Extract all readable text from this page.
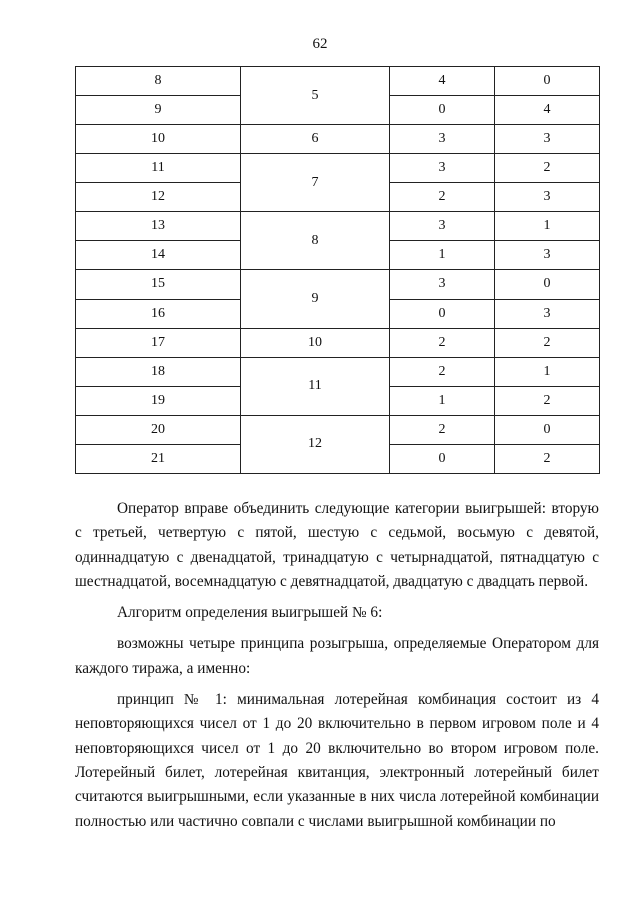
62
8	5	4	0
9		0	4
10	6	3	3
11	7	3	2
12		2	3
13	8	3	1
14		1	3
15	9	3	0
16		0	3
17	10	2	2
18	11	2	1
19		1	2
20	12	2	0
21		0	2

Оператор вправе объединить следующие категории выигрышей: вторую с третьей, четвертую с пятой, шестую с седьмой, восьмую с девятой, одиннадцатую с двенадцатой, тринадцатую с четырнадцатой, пятнадцатую с шестнадцатой, восемнадцатую с девятнадцатой, двадцатую с двадцать первой.

Алгоритм определения выигрышей № 6:

возможны четыре принципа розыгрыша, определяемые Оператором для каждого тиража, а именно:

принцип № 1: минимальная лотерейная комбинация состоит из 4 неповторяющихся чисел от 1 до 20 включительно в первом игровом поле и 4 неповторяющихся чисел от 1 до 20 включительно во втором игровом поле. Лотерейный билет, лотерейная квитанция, электронный лотерейный билет считаются выигрышными, если указанные в них числа лотерейной комбинации полностью или частично совпали с числами выигрышной комбинации по
